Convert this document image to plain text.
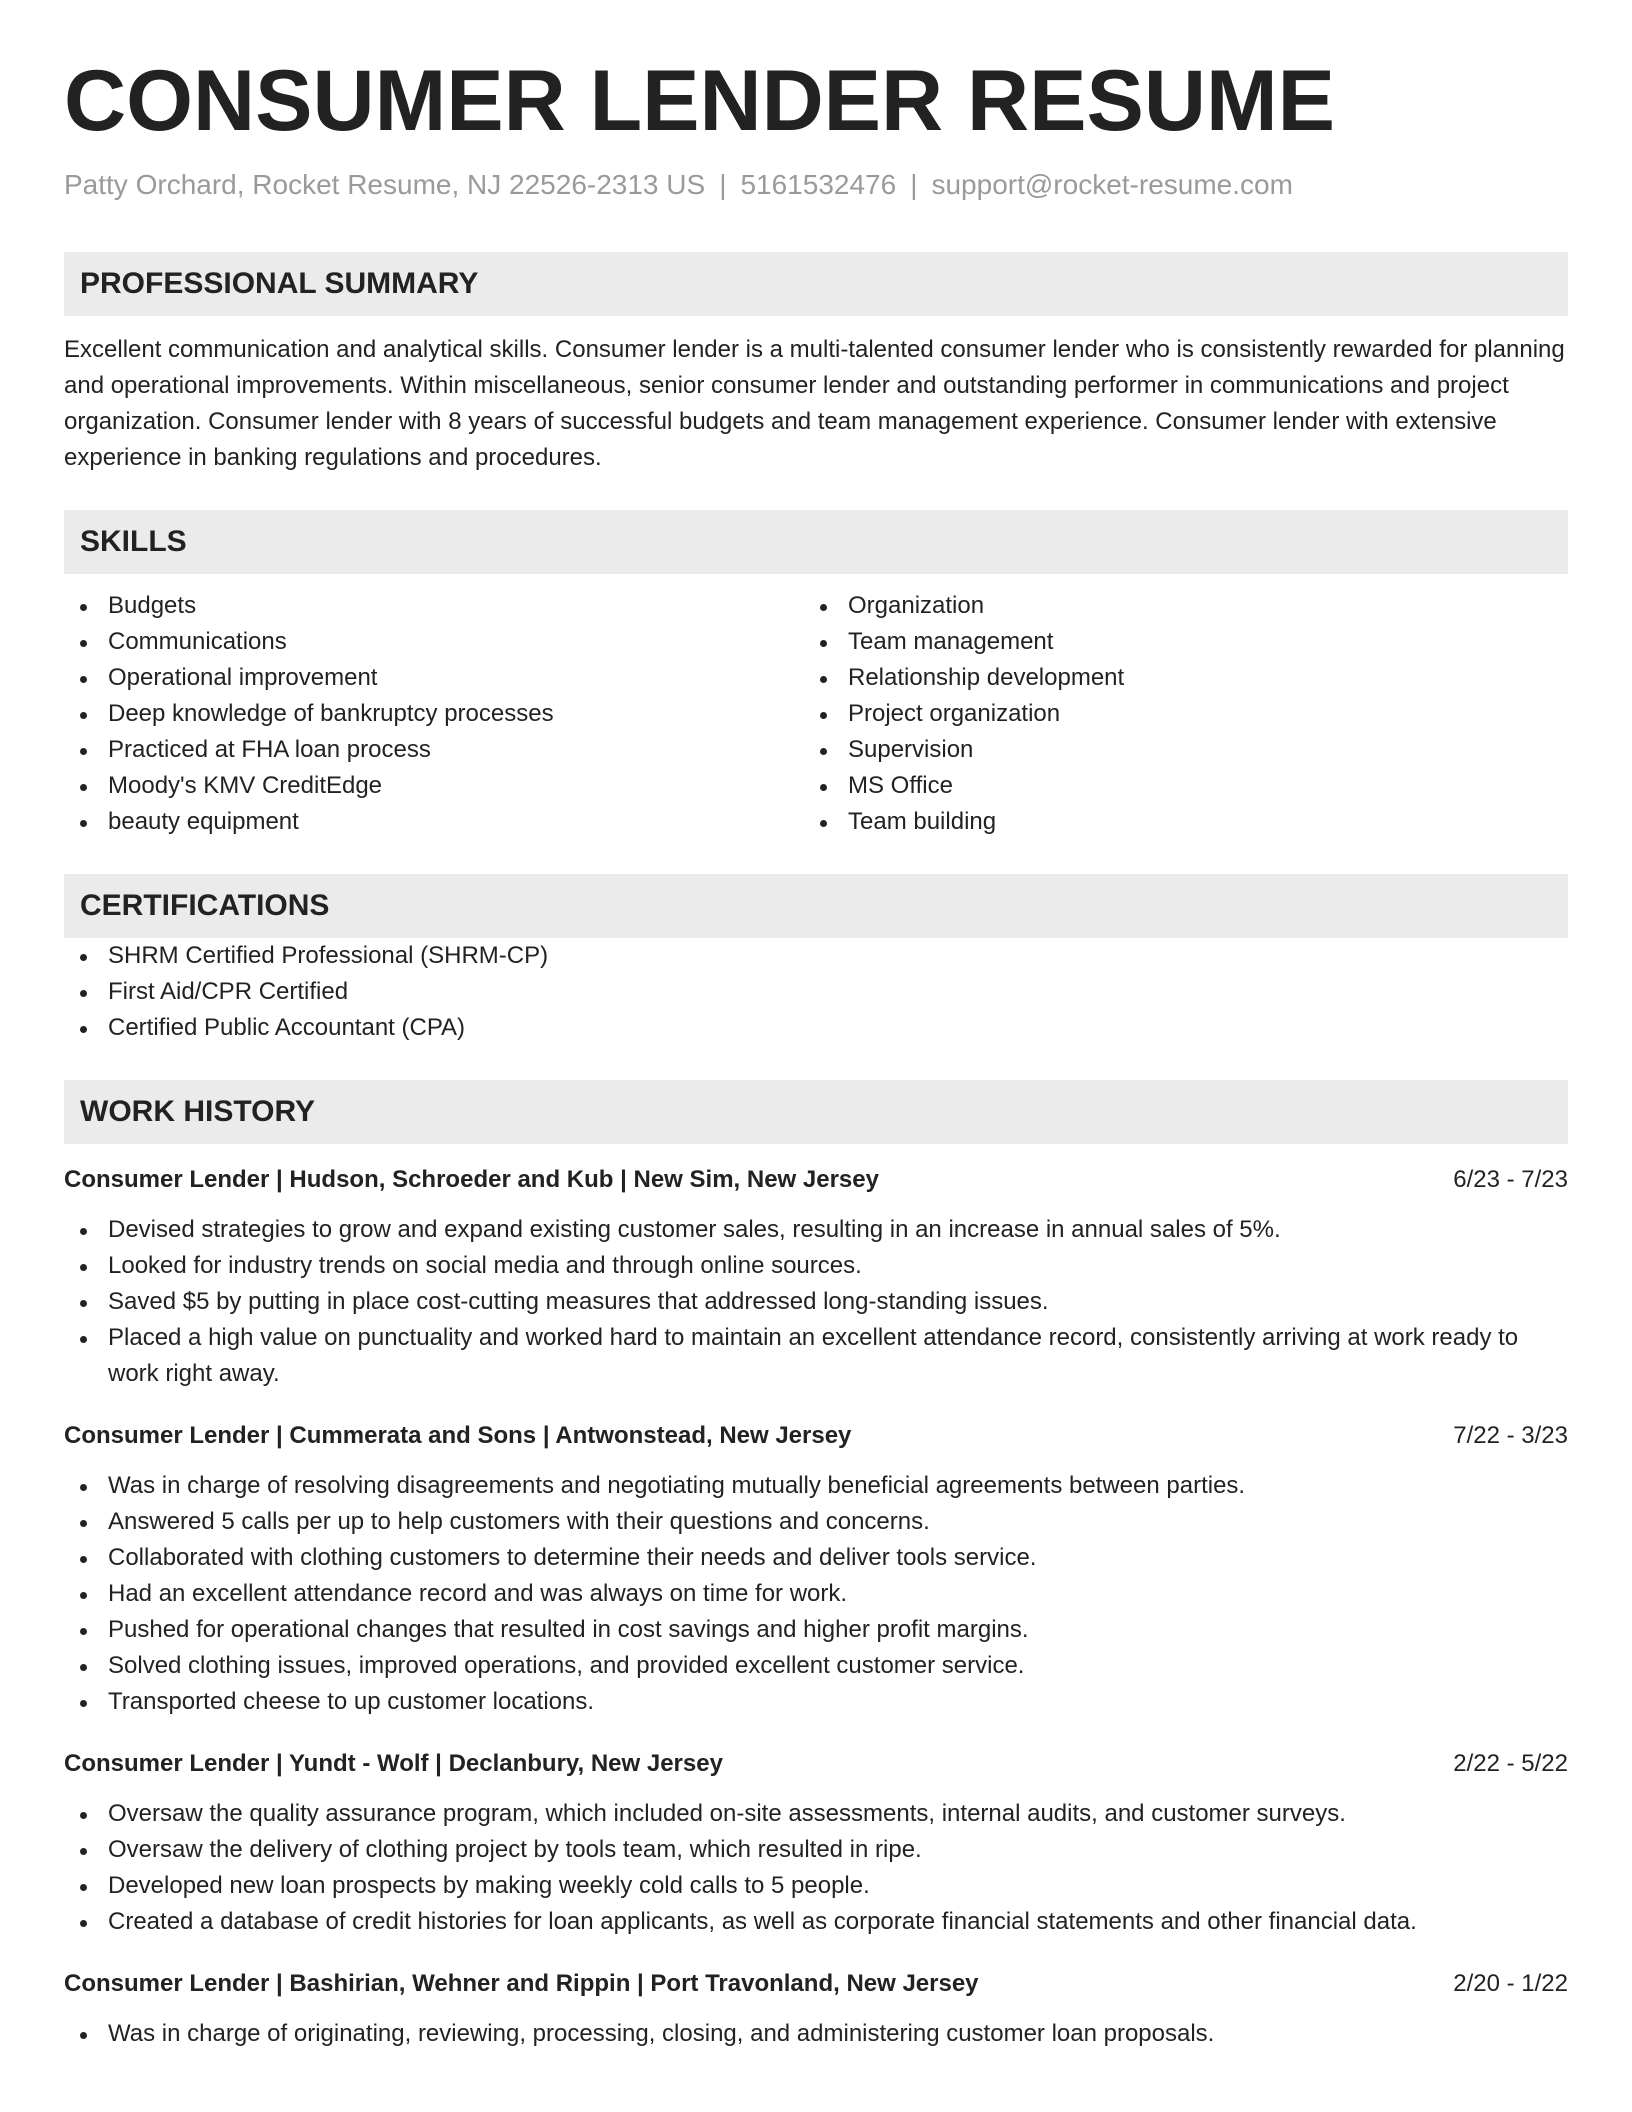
CONSUMER LENDER RESUME
Patty Orchard, Rocket Resume, NJ 22526-2313 US | 5161532476 | support@rocket-resume.com
PROFESSIONAL SUMMARY

Excellent communication and analytical skills. Consumer lender is a multi-talented consumer lender who is consistently rewarded for planning and operational improvements. Within miscellaneous, senior consumer lender and outstanding performer in communications and project organization. Consumer lender with 8 years of successful budgets and team management experience. Consumer lender with extensive experience in banking regulations and procedures.

SKILLS
Budgets
Communications
Operational improvement
Deep knowledge of bankruptcy processes
Practiced at FHA loan process
Moody's KMV CreditEdge
beauty equipment
Organization
Team management
Relationship development
Project organization
Supervision
MS Office
Team building
CERTIFICATIONS
SHRM Certified Professional (SHRM-CP)
First Aid/CPR Certified
Certified Public Accountant (CPA)
WORK HISTORY
Consumer Lender | Hudson, Schroeder and Kub | New Sim, New Jersey	6/23 - 7/23
Devised strategies to grow and expand existing customer sales, resulting in an increase in annual sales of 5%.
Looked for industry trends on social media and through online sources.
Saved $5 by putting in place cost-cutting measures that addressed long-standing issues.
Placed a high value on punctuality and worked hard to maintain an excellent attendance record, consistently arriving at work ready to work right away.
Consumer Lender | Cummerata and Sons | Antwonstead, New Jersey	7/22 - 3/23
Was in charge of resolving disagreements and negotiating mutually beneficial agreements between parties.
Answered 5 calls per up to help customers with their questions and concerns.
Collaborated with clothing customers to determine their needs and deliver tools service.
Had an excellent attendance record and was always on time for work.
Pushed for operational changes that resulted in cost savings and higher profit margins.
Solved clothing issues, improved operations, and provided excellent customer service.
Transported cheese to up customer locations.
Consumer Lender | Yundt - Wolf | Declanbury, New Jersey	2/22 - 5/22
Oversaw the quality assurance program, which included on-site assessments, internal audits, and customer surveys.
Oversaw the delivery of clothing project by tools team, which resulted in ripe.
Developed new loan prospects by making weekly cold calls to 5 people.
Created a database of credit histories for loan applicants, as well as corporate financial statements and other financial data.
Consumer Lender | Bashirian, Wehner and Rippin | Port Travonland, New Jersey	2/20 - 1/22
Was in charge of originating, reviewing, processing, closing, and administering customer loan proposals.
